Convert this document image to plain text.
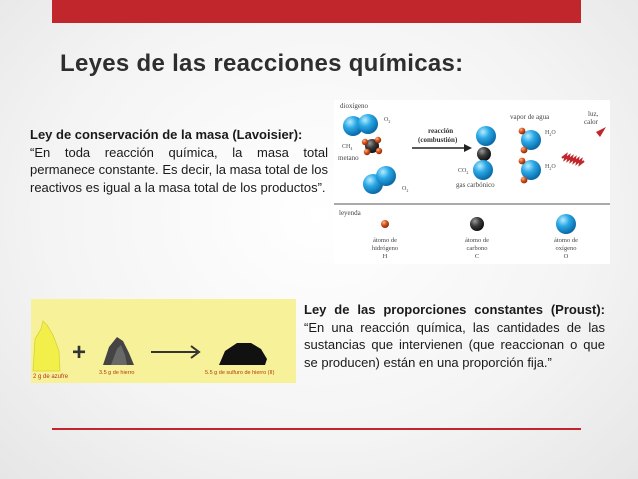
Leyes de las reacciones químicas:
Ley de conservación de la masa (Lavoisier):
“En toda reacción química, la masa total permanece constante. Es decir, la masa total de los reactivos es igual a la masa total de los productos”.
dioxígeno
$O_2$
$CH_4$
metano
$O_2$
reacción
(combustión)
$CO_2$
gas carbónico
vapor de agua
$H_2O$
$H_2O$
luz,
calor
leyenda
átomo de
hidrógeno
H
átomo de
carbono
C
átomo de
oxígeno
O
2 g de azufre
+
3.5 g de hierro	5.5 g de sulfuro de hierro (II)
Ley de las proporciones constantes (Proust): “En una reacción química, las cantidades de las sustancias que intervienen (que reaccionan o que se producen) están en una proporción fija.”
